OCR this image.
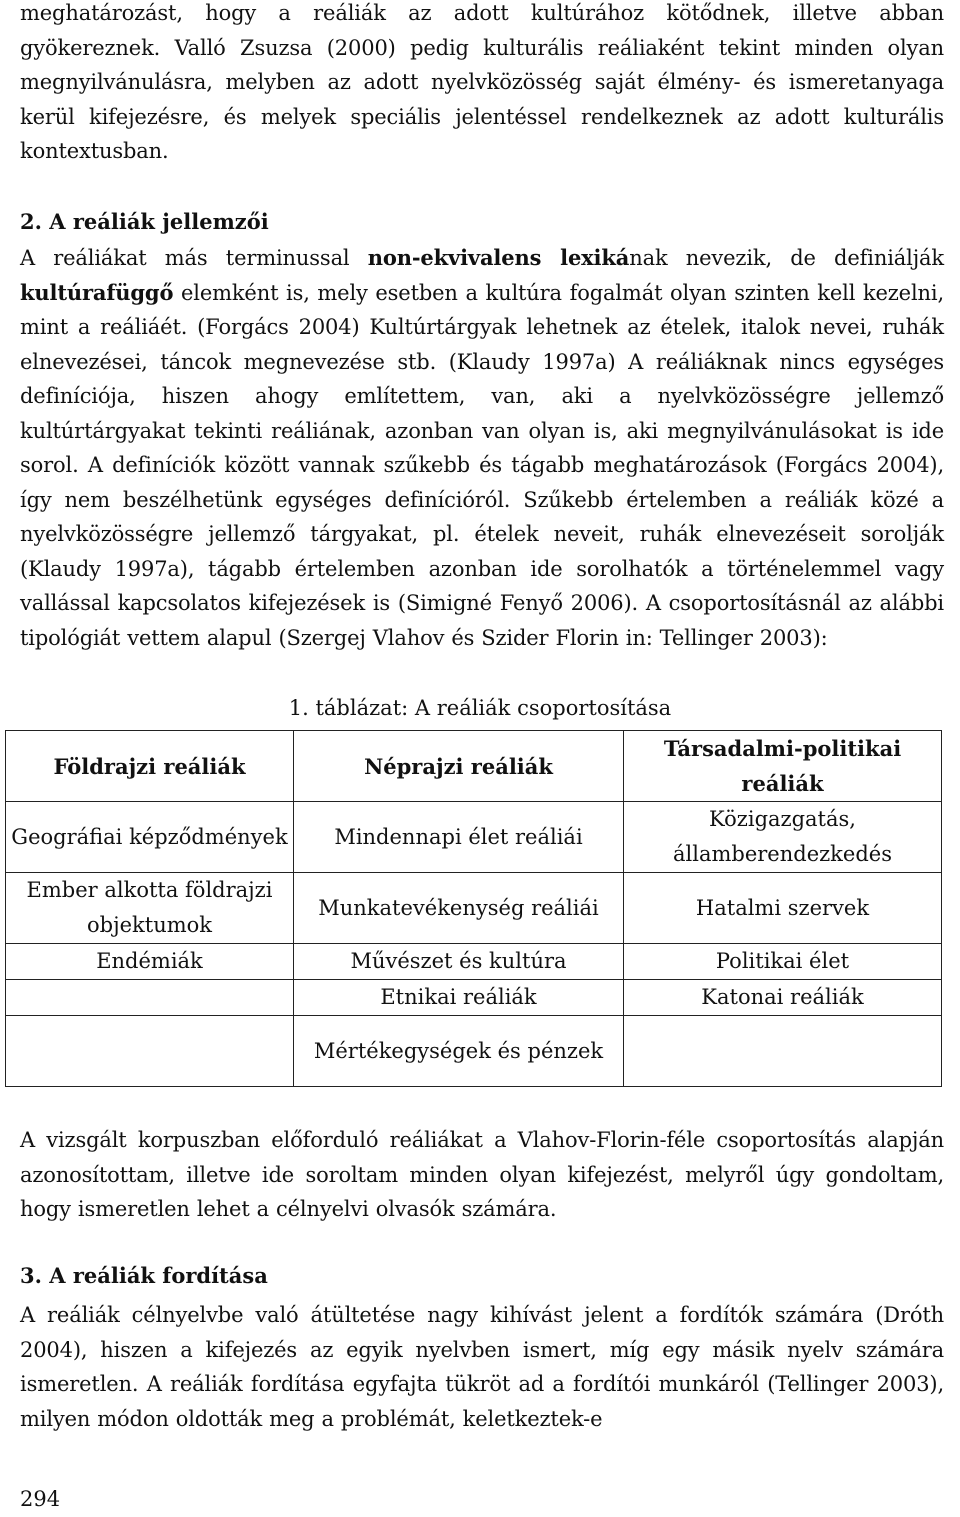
meghatározást, hogy a reáliák az adott kultúrához kötődnek, illetve abban gyökereznek. Valló Zsuzsa (2000) pedig kulturális reáliaként tekint minden olyan megnyilvánulásra, melyben az adott nyelvközösség saját élmény- és ismeretanyaga kerül kifejezésre, és melyek speciális jelentéssel rendelkeznek az adott kulturális kontextusban.

2. A reáliák jellemzői

A reáliákat más terminussal non-ekvivalens lexikának nevezik, de definiálják kultúrafüggő elemként is, mely esetben a kultúra fogalmát olyan szinten kell kezelni, mint a reáliáét. (Forgács 2004) Kultúrtárgyak lehetnek az ételek, italok nevei, ruhák elnevezései, táncok megnevezése stb. (Klaudy 1997a) A reáliáknak nincs egységes definíciója, hiszen ahogy említettem, van, aki a nyelvközösségre jellemző kultúrtárgyakat tekinti reáliának, azonban van olyan is, aki megnyilvánulásokat is ide sorol. A definíciók között vannak szűkebb és tágabb meghatározások (Forgács 2004), így nem beszélhetünk egységes definícióról. Szűkebb értelemben a reáliák közé a nyelvközösségre jellemző tárgyakat, pl. ételek neveit, ruhák elnevezéseit sorolják (Klaudy 1997a), tágabb értelemben azonban ide sorolhatók a történelemmel vagy vallással kapcsolatos kifejezések is (Simigné Fenyő 2006). A csoportosításnál az alábbi tipológiát vettem alapul (Szergej Vlahov és Szider Florin in: Tellinger 2003):

1. táblázat: A reáliák csoportosítása

Földrajzi reáliák	Néprajzi reáliák	Társadalmi-politikai reáliák
Geográfiai képződmények	Mindennapi élet reáliái	Közigazgatás, államberendezkedés
Ember alkotta földrajzi objektumok	Munkatevékenység reáliái	Hatalmi szervek
Endémiák	Művészet és kultúra	Politikai élet
	Etnikai reáliák	Katonai reáliák
	Mértékegységek és pénzek	

A vizsgált korpuszban előforduló reáliákat a Vlahov-Florin-féle csoportosítás alapján azonosítottam, illetve ide soroltam minden olyan kifejezést, melyről úgy gondoltam, hogy ismeretlen lehet a célnyelvi olvasók számára.

3. A reáliák fordítása

A reáliák célnyelvbe való átültetése nagy kihívást jelent a fordítók számára (Dróth 2004), hiszen a kifejezés az egyik nyelvben ismert, míg egy másik nyelv számára ismeretlen. A reáliák fordítása egyfajta tükröt ad a fordítói munkáról (Tellinger 2003), milyen módon oldották meg a problémát, keletkeztek-e

294
